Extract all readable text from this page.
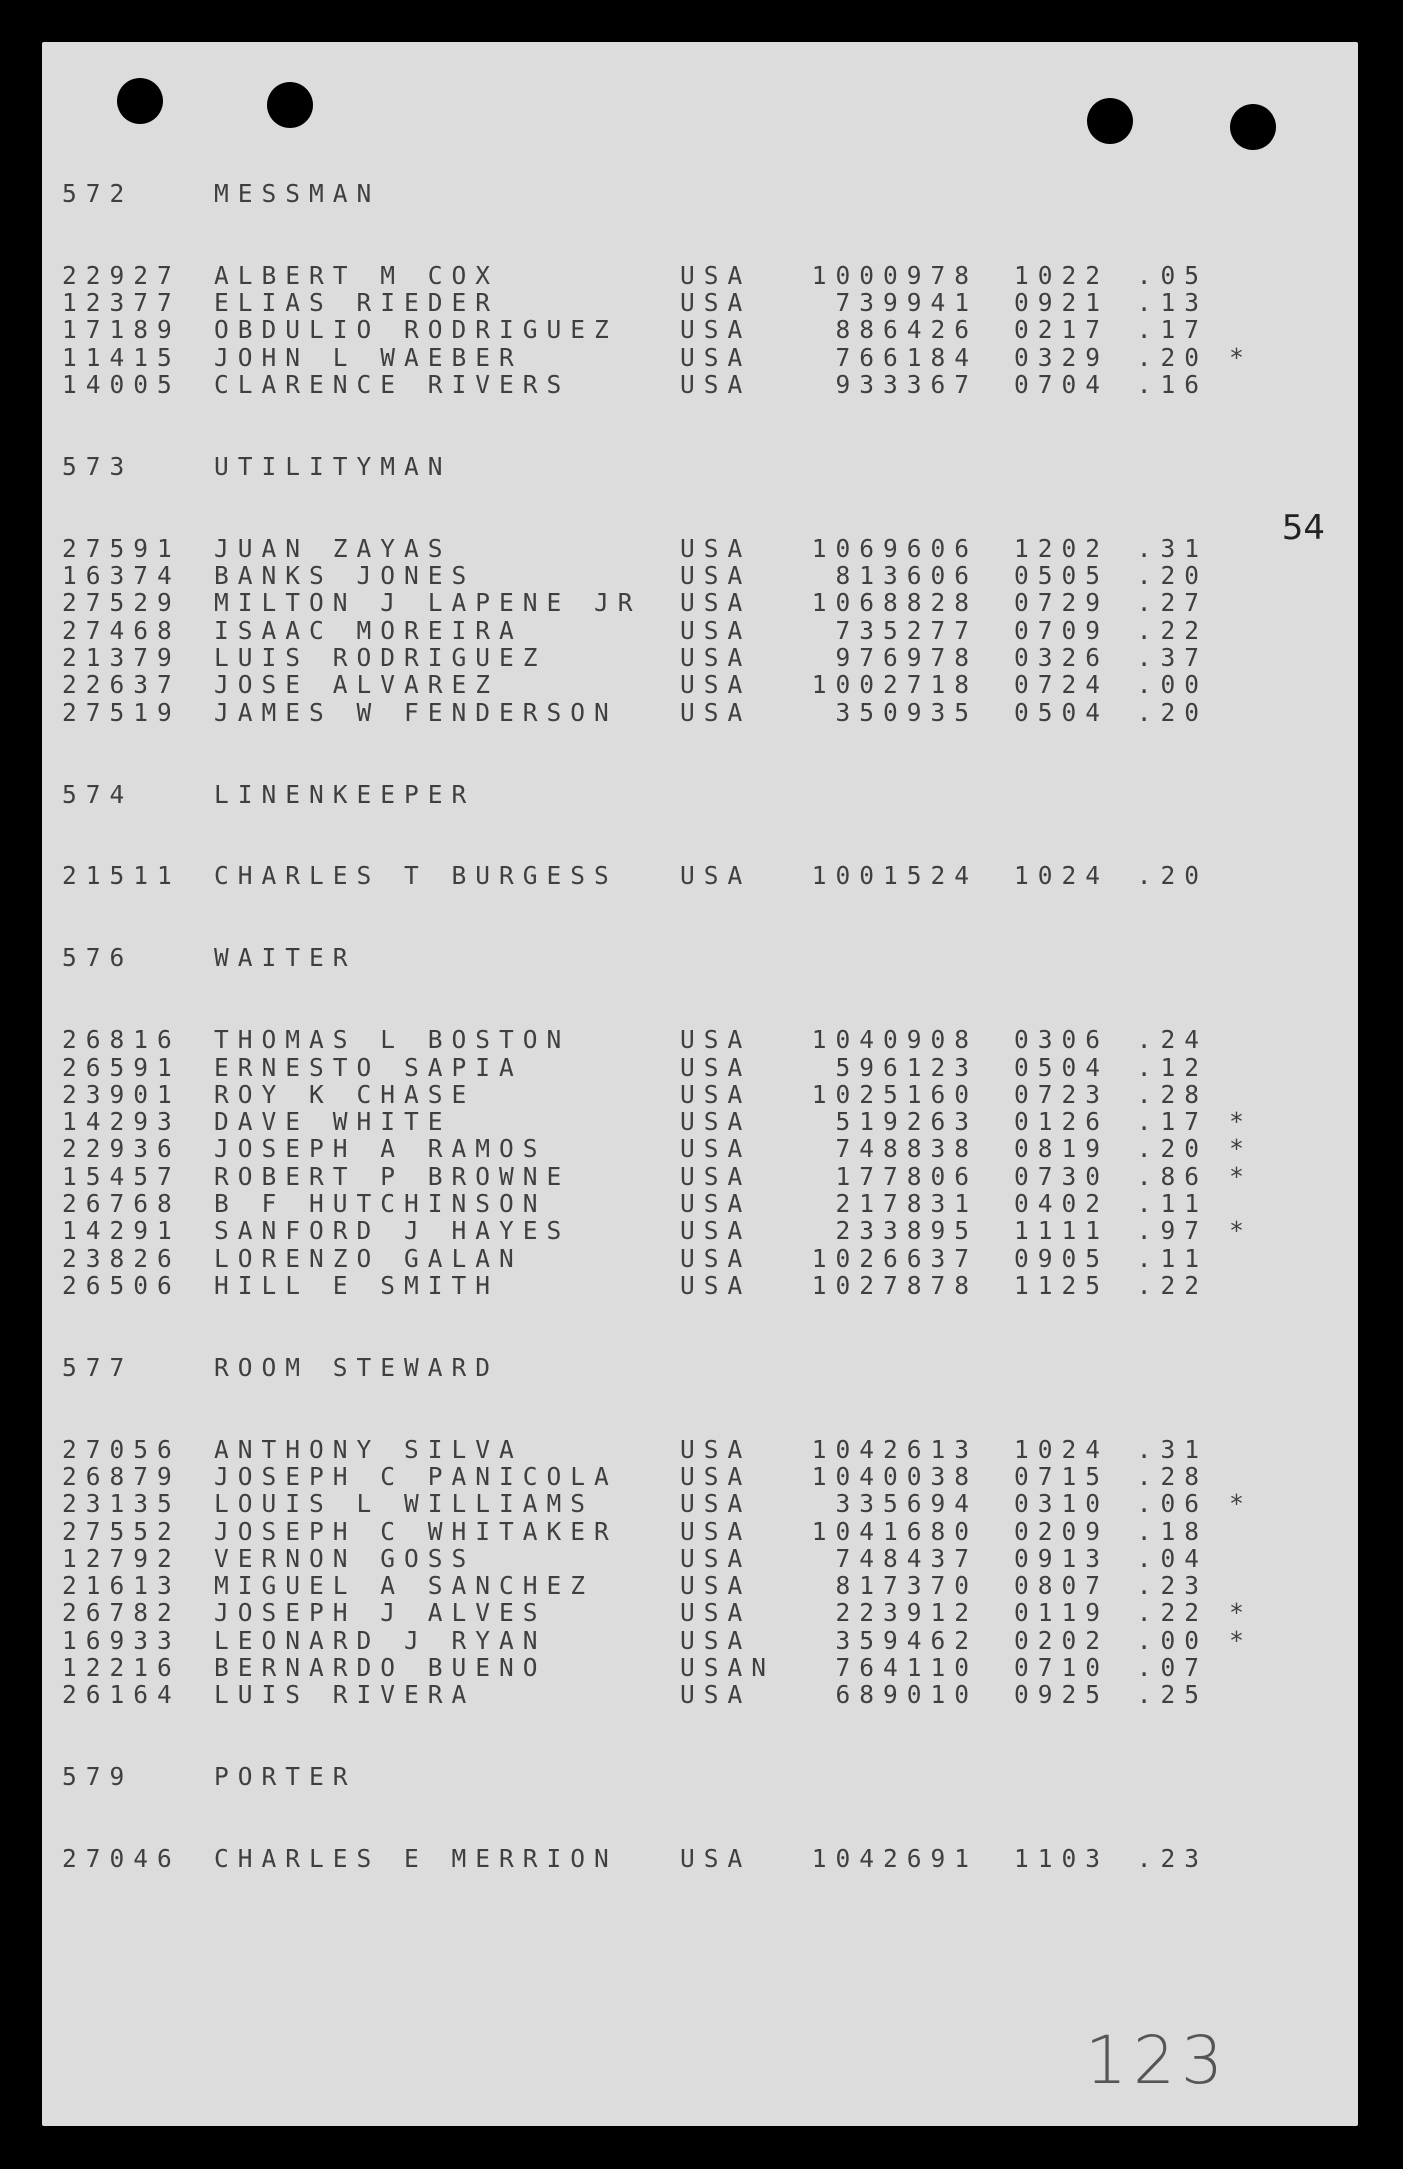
54
123
572	MESSMAN
22927	ALBERT M COX	USA	1000978	1022	.05
12377	ELIAS RIEDER	USA	739941	0921	.13
17189	OBDULIO RODRIGUEZ	USA	886426	0217	.17
11415	JOHN L WAEBER	USA	766184	0329	.20 *
14005	CLARENCE RIVERS	USA	933367	0704	.16
573	UTILITYMAN
27591	JUAN ZAYAS	USA	1069606	1202	.31
16374	BANKS JONES	USA	813606	0505	.20
27529	MILTON J LAPENE JR	USA	1068828	0729	.27
27468	ISAAC MOREIRA	USA	735277	0709	.22
21379	LUIS RODRIGUEZ	USA	976978	0326	.37
22637	JOSE ALVAREZ	USA	1002718	0724	.00
27519	JAMES W FENDERSON	USA	350935	0504	.20
574	LINENKEEPER
21511	CHARLES T BURGESS	USA	1001524	1024	.20
576	WAITER
26816	THOMAS L BOSTON	USA	1040908	0306	.24
26591	ERNESTO SAPIA	USA	596123	0504	.12
23901	ROY K CHASE	USA	1025160	0723	.28
14293	DAVE WHITE	USA	519263	0126	.17 *
22936	JOSEPH A RAMOS	USA	748838	0819	.20 *
15457	ROBERT P BROWNE	USA	177806	0730	.86 *
26768	B F HUTCHINSON	USA	217831	0402	.11
14291	SANFORD J HAYES	USA	233895	1111	.97 *
23826	LORENZO GALAN	USA	1026637	0905	.11
26506	HILL E SMITH	USA	1027878	1125	.22
577	ROOM STEWARD
27056	ANTHONY SILVA	USA	1042613	1024	.31
26879	JOSEPH C PANICOLA	USA	1040038	0715	.28
23135	LOUIS L WILLIAMS	USA	335694	0310	.06 *
27552	JOSEPH C WHITAKER	USA	1041680	0209	.18
12792	VERNON GOSS	USA	748437	0913	.04
21613	MIGUEL A SANCHEZ	USA	817370	0807	.23
26782	JOSEPH J ALVES	USA	223912	0119	.22 *
16933	LEONARD J RYAN	USA	359462	0202	.00 *
12216	BERNARDO BUENO	USAN	764110	0710	.07
26164	LUIS RIVERA	USA	689010	0925	.25
579	PORTER
27046	CHARLES E MERRION	USA	1042691	1103	.23
